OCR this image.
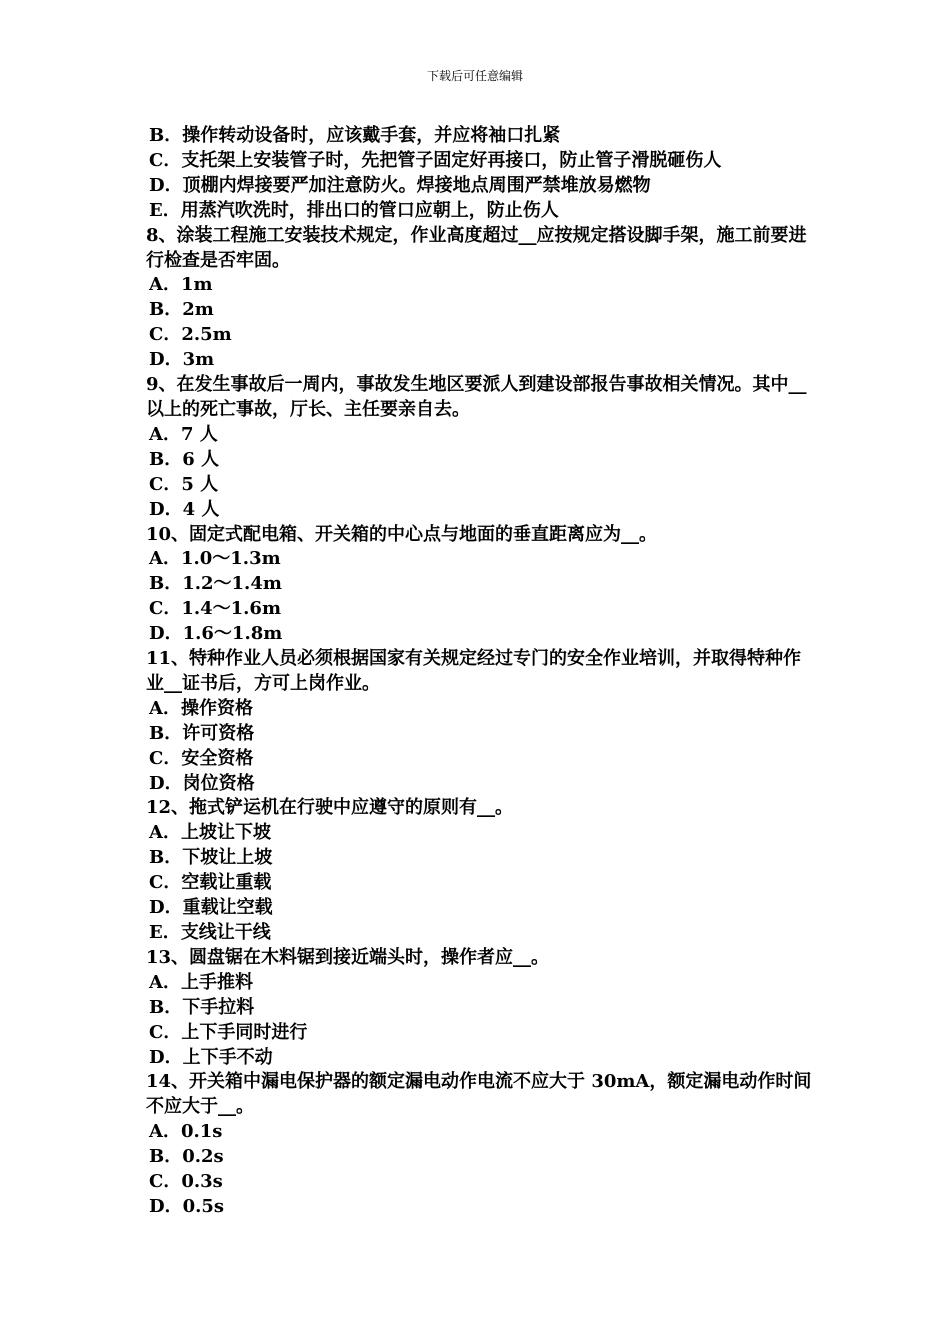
下载后可任意编辑
B．操作转动设备时，应该戴手套，并应将袖口扎紧
C．支托架上安装管子时，先把管子固定好再接口，防止管子滑脱砸伤人
D．顶棚内焊接要严加注意防火。焊接地点周围严禁堆放易燃物
E．用蒸汽吹洗时，排出口的管口应朝上，防止伤人
8、涂装工程施工安装技术规定，作业高度超过__应按规定搭设脚手架，施工前要进行检查是否牢固。
A．1m
B．2m
C．2.5m
D．3m
9、在发生事故后一周内，事故发生地区要派人到建设部报告事故相关情况。其中__以上的死亡事故，厅长、主任要亲自去。
A．7 人
B．6 人
C．5 人
D．4 人
10、固定式配电箱、开关箱的中心点与地面的垂直距离应为__。
A．1.0～1.3m
B．1.2～1.4m
C．1.4～1.6m
D．1.6～1.8m
11、特种作业人员必须根据国家有关规定经过专门的安全作业培训，并取得特种作业__证书后，方可上岗作业。
A．操作资格
B．许可资格
C．安全资格
D．岗位资格
12、拖式铲运机在行驶中应遵守的原则有__。
A．上坡让下坡
B．下坡让上坡
C．空载让重载
D．重载让空载
E．支线让干线
13、圆盘锯在木料锯到接近端头时，操作者应__。
A．上手推料
B．下手拉料
C．上下手同时进行
D．上下手不动
14、开关箱中漏电保护器的额定漏电动作电流不应大于 30mA，额定漏电动作时间不应大于__。
A．0.1s
B．0.2s
C．0.3s
D．0.5s
